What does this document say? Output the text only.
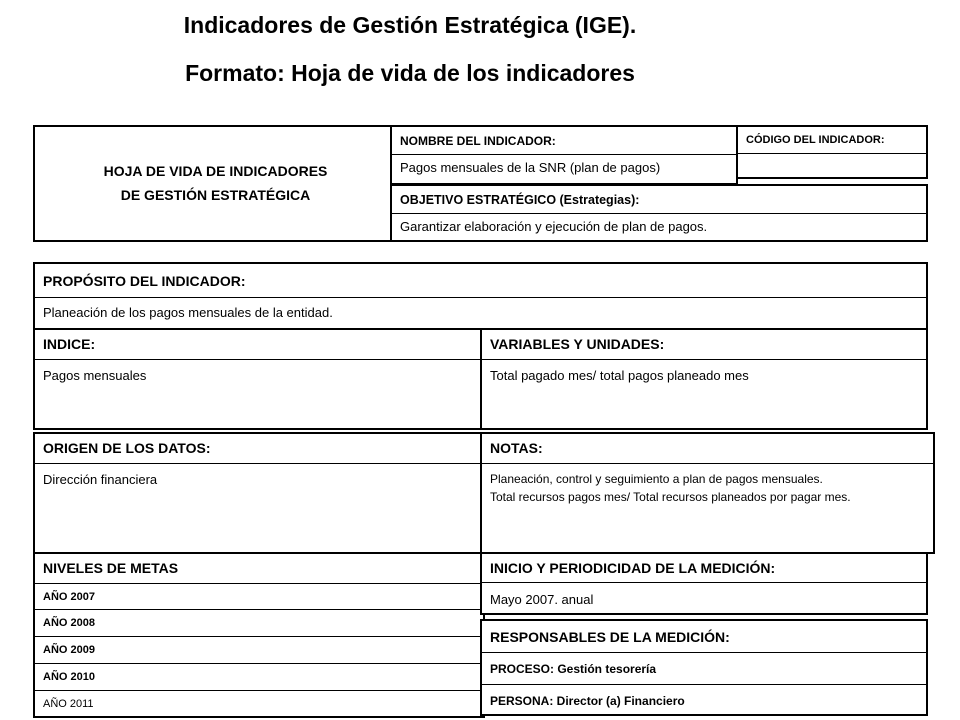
Indicadores de Gestión Estratégica (IGE).
Formato: Hoja de vida de los indicadores
HOJA DE VIDA DE INDICADORES
DE GESTIÓN ESTRATÉGICA
NOMBRE DEL INDICADOR:
Pagos mensuales de la SNR (plan de pagos)
CÓDIGO DEL INDICADOR:
OBJETIVO ESTRATÉGICO (Estrategias):
Garantizar elaboración y ejecución de plan de pagos.
PROPÓSITO DEL INDICADOR:
Planeación de los pagos mensuales de la entidad.
INDICE:
Pagos mensuales
VARIABLES Y UNIDADES:
Total pagado mes/ total pagos planeado mes
ORIGEN DE LOS DATOS:
Dirección financiera
NOTAS:
Planeación, control y seguimiento a plan de pagos mensuales.
Total recursos pagos mes/ Total recursos planeados por pagar mes.
NIVELES DE METAS
AÑO 2007
AÑO 2008
AÑO 2009
AÑO 2010
AÑO 2011
INICIO Y PERIODICIDAD DE LA MEDICIÓN:
Mayo 2007. anual
RESPONSABLES DE LA MEDICIÓN:
PROCESO: Gestión tesorería
PERSONA: Director (a) Financiero
